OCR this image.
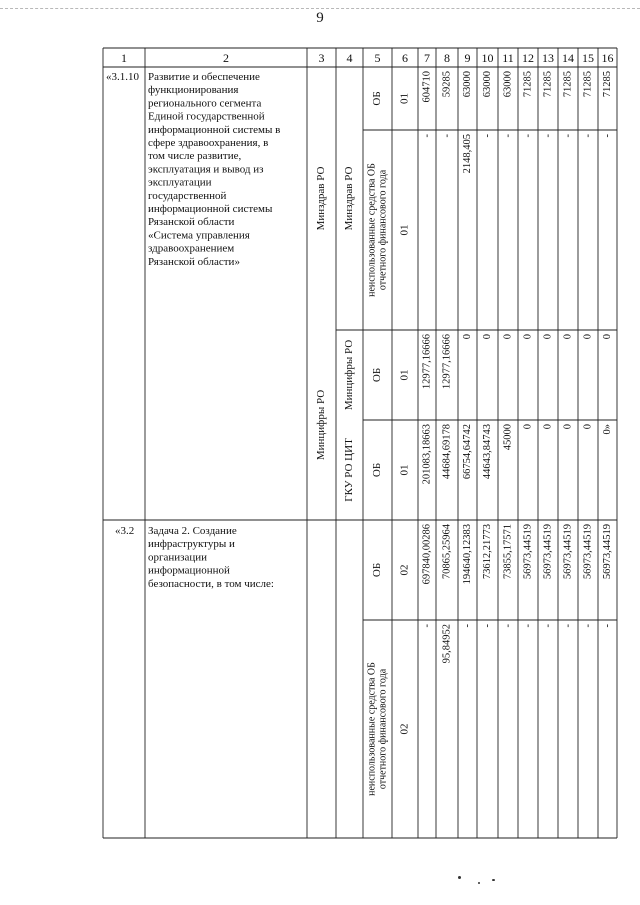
9
1	2	3 4 5 6 7 8 9 10 11 12 13 14 15 16
«3.1.10 Развитие и обеспечение
функционирования
регионального сегмента
Единой государственной
информационной системы в
сфере здравоохранения, в
том числе развитие,
эксплуатация и вывод из
эксплуатации
государственной
информационной системы
Рязанской области
«Система управления
здравоохранением
Рязанской области»
Минздрав РО
Минцифры РО
Минздрав РО
Минцифры РО
ГКУ РО ЦИТ
ОБ 01
неиспользованные средства ОБ отчетного финансового года 01
604710 59285 63000 63000 63000 71285 71285 71285 71285 71285
- - 2148,405 - - - - - - -
ОБ 01
ОБ 01
12977,16666 12977,16666 0 0 0 0 0 0 0 0
201083,18663 44684,69178 66754,64742 44643,84743 45000 0 0 0 0 0»
«3.2 Задача 2. Создание
инфраструктуры и
организации
информационной
безопасности, в том числе:
ОБ 02
неиспользованные средства ОБ отчетного финансового года 02
697840,00286 70865,25964 194640,12383 73612,21773 73855,17571 56973,44519 56973,44519 56973,44519 56973,44519 56973,44519
- 95,84952 - - - - - - - -
